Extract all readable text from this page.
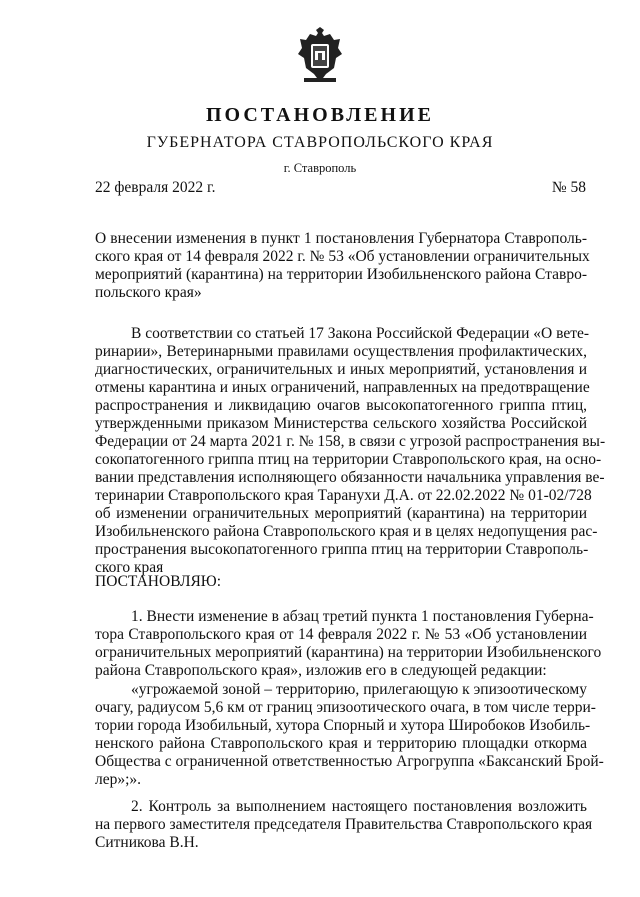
ПОСТАНОВЛЕНИЕ
ГУБЕРНАТОРА СТАВРОПОЛЬСКОГО КРАЯ
г. Ставрополь
22 февраля 2022 г.	№ 58
О внесении изменения в пункт 1 постановления Губернатора Ставрополь-
ского края от 14 февраля 2022 г. № 53 «Об установлении ограничительных
мероприятий (карантина) на территории Изобильненского района Ставро-
польского края»
В соответствии со статьей 17 Закона Российской Федерации «О вете-
ринарии», Ветеринарными правилами осуществления профилактических,
диагностических, ограничительных и иных мероприятий, установления и
отмены карантина и иных ограничений, направленных на предотвращение
распространения и ликвидацию очагов высокопатогенного гриппа птиц,
утвержденными приказом Министерства сельского хозяйства Российской
Федерации от 24 марта 2021 г. № 158, в связи с угрозой распространения вы-
сокопатогенного гриппа птиц на территории Ставропольского края, на осно-
вании представления исполняющего обязанности начальника управления ве-
теринарии Ставропольского края Таранухи Д.А. от 22.02.2022 № 01-02/728
об изменении ограничительных мероприятий (карантина) на территории
Изобильненского района Ставропольского края и в целях недопущения рас-
пространения высокопатогенного гриппа птиц на территории Ставрополь-
ского края
ПОСТАНОВЛЯЮ:
1. Внести изменение в абзац третий пункта 1 постановления Губерна-
тора Ставропольского края от 14 февраля 2022 г. № 53 «Об установлении
ограничительных мероприятий (карантина) на территории Изобильненского
района Ставропольского края», изложив его в следующей редакции:
«угрожаемой зоной – территорию, прилегающую к эпизоотическому
очагу, радиусом 5,6 км от границ эпизоотического очага, в том числе терри-
тории города Изобильный, хутора Спорный и хутора Широбоков Изобиль-
ненского района Ставропольского края и территорию площадки откорма
Общества с ограниченной ответственностью Агрогруппа «Баксанский Брой-
лер»;».
2. Контроль за выполнением настоящего постановления возложить
на первого заместителя председателя Правительства Ставропольского края
Ситникова В.Н.
